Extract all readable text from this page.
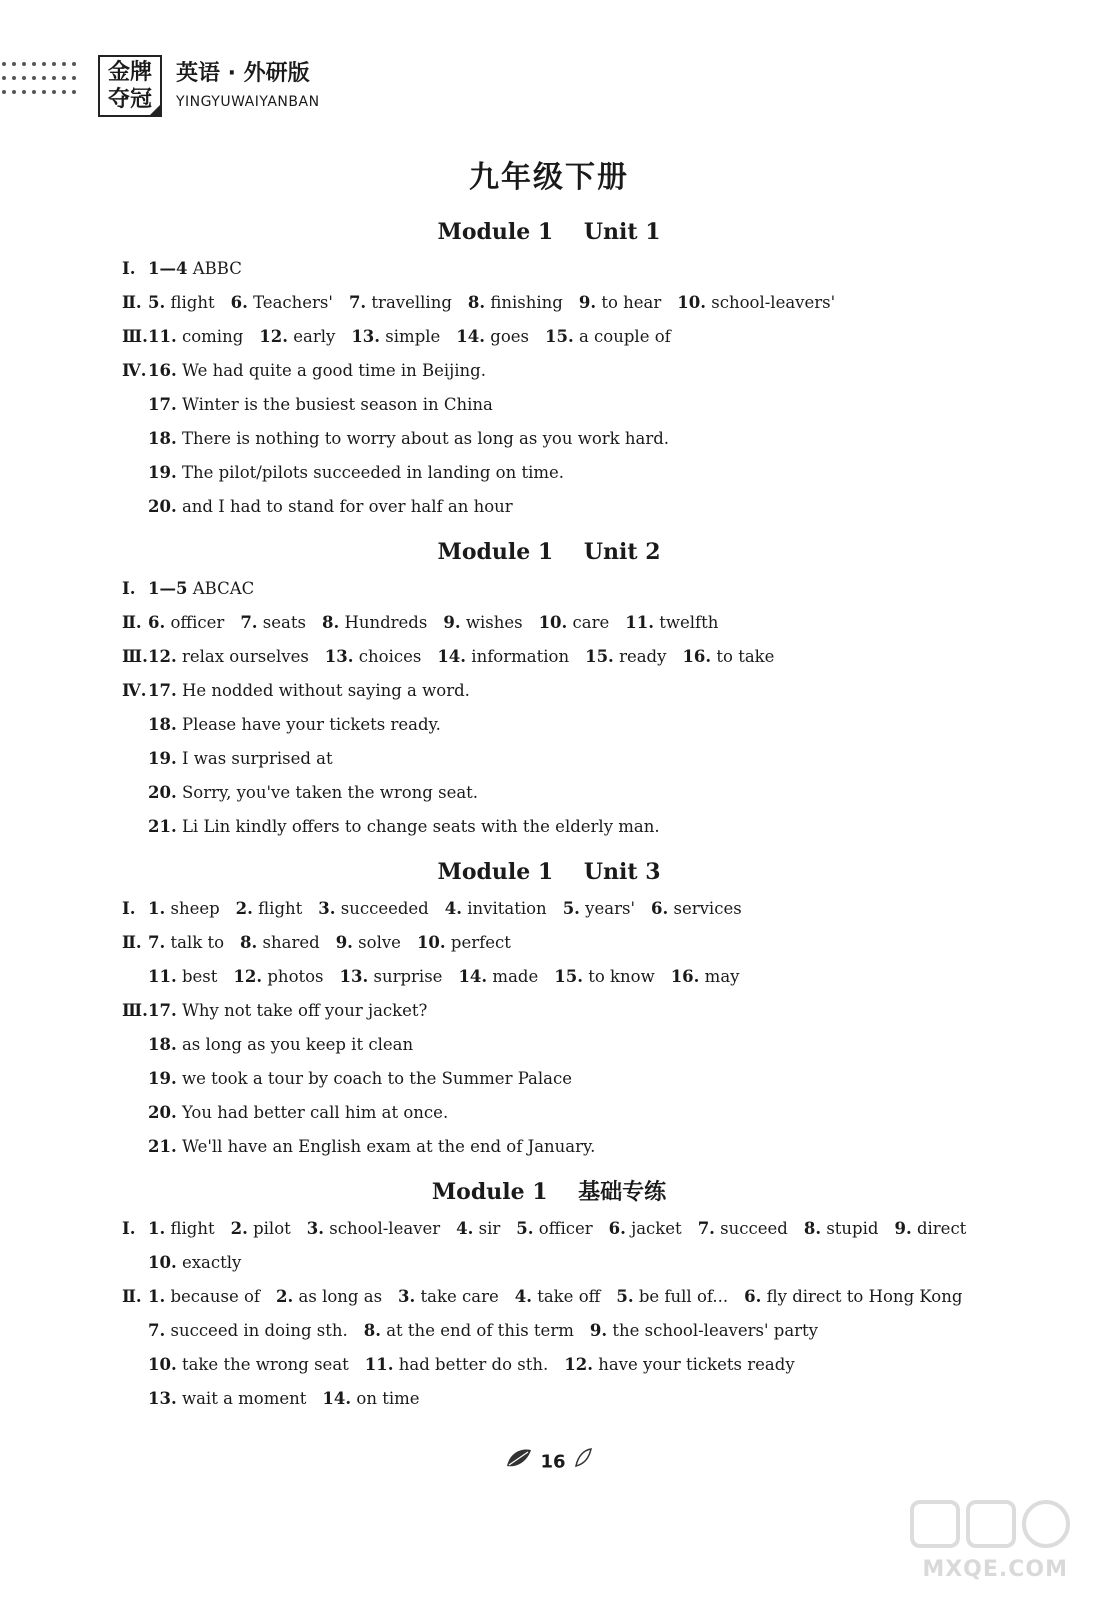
金牌
夺冠
英语 · 外研版
YINGYUWAIYANBAN
九年级下册
Module 1    Unit 1
Ⅰ. 1—4 ABBC
Ⅱ. 5. flight 6. Teachers' 7. travelling 8. finishing 9. to hear 10. school-leavers'
Ⅲ. 11. coming 12. early 13. simple 14. goes 15. a couple of
Ⅳ. 16. We had quite a good time in Beijing.
17. Winter is the busiest season in China
18. There is nothing to worry about as long as you work hard.
19. The pilot/pilots succeeded in landing on time.
20. and I had to stand for over half an hour
Module 1    Unit 2
Ⅰ. 1—5 ABCAC
Ⅱ. 6. officer 7. seats 8. Hundreds 9. wishes 10. care 11. twelfth
Ⅲ. 12. relax ourselves 13. choices 14. information 15. ready 16. to take
Ⅳ. 17. He nodded without saying a word.
18. Please have your tickets ready.
19. I was surprised at
20. Sorry, you've taken the wrong seat.
21. Li Lin kindly offers to change seats with the elderly man.
Module 1    Unit 3
Ⅰ. 1. sheep 2. flight 3. succeeded 4. invitation 5. years' 6. services
Ⅱ. 7. talk to 8. shared 9. solve 10. perfect
11. best 12. photos 13. surprise 14. made 15. to know 16. may
Ⅲ. 17. Why not take off your jacket?
18. as long as you keep it clean
19. we took a tour by coach to the Summer Palace
20. You had better call him at once.
21. We'll have an English exam at the end of January.
Module 1    基础专练
Ⅰ. 1. flight 2. pilot 3. school-leaver 4. sir 5. officer 6. jacket 7. succeed 8. stupid 9. direct
10. exactly
Ⅱ. 1. because of 2. as long as 3. take care 4. take off 5. be full of... 6. fly direct to Hong Kong
7. succeed in doing sth. 8. at the end of this term 9. the school-leavers' party
10. take the wrong seat 11. had better do sth. 12. have your tickets ready
13. wait a moment 14. on time
16
MXQE.COM
